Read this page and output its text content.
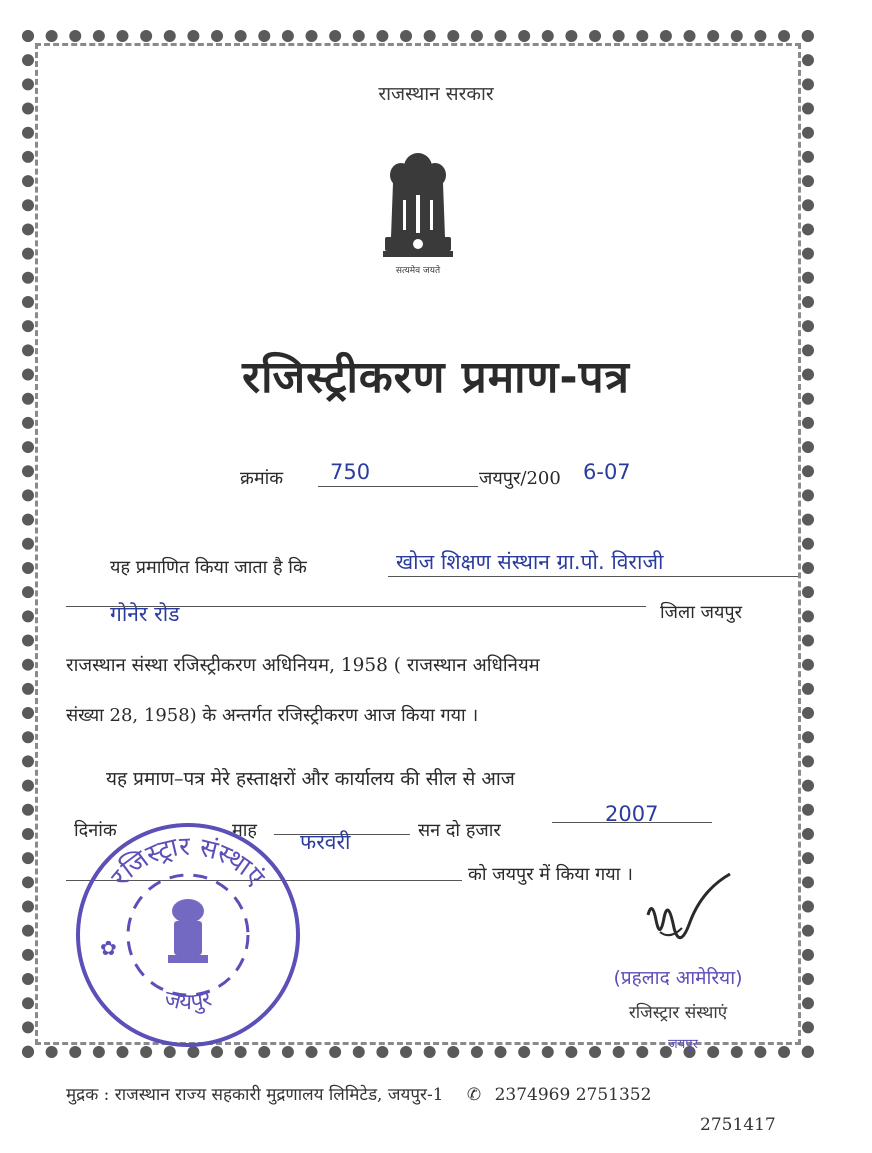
राजस्थान सरकार
सत्यमेव जयते
रजिस्ट्रीकरण प्रमाण-पत्र
क्रमांक 750	जयपुर/200 6-07
यह प्रमाणित किया जाता है कि	खोज शिक्षण संस्थान ग्रा.पो. विराजी
गोनेर रोड	जिला जयपुर
राजस्थान संस्था रजिस्ट्रीकरण अधिनियम, 1958 ( राजस्थान अधिनियम
संख्या 28, 1958) के अन्तर्गत रजिस्ट्रीकरण आज किया गया ।
यह प्रमाण–पत्र मेरे हस्ताक्षरों और कार्यालय की सील से आज
दिनांक	माह फरवरी	सन दो हजार
2007
को जयपुर में किया गया ।
(प्रहलाद आमेरिया)
रजिस्ट्रार संस्थाएं
जयपुर
रजिस्ट्रार संस्थाएं
जयपुर
✿
मुद्रक : राजस्थान राज्य सहकारी मुद्रणालय लिमिटेड, जयपुर-1 ✆ 2374969 2751352
2751417
